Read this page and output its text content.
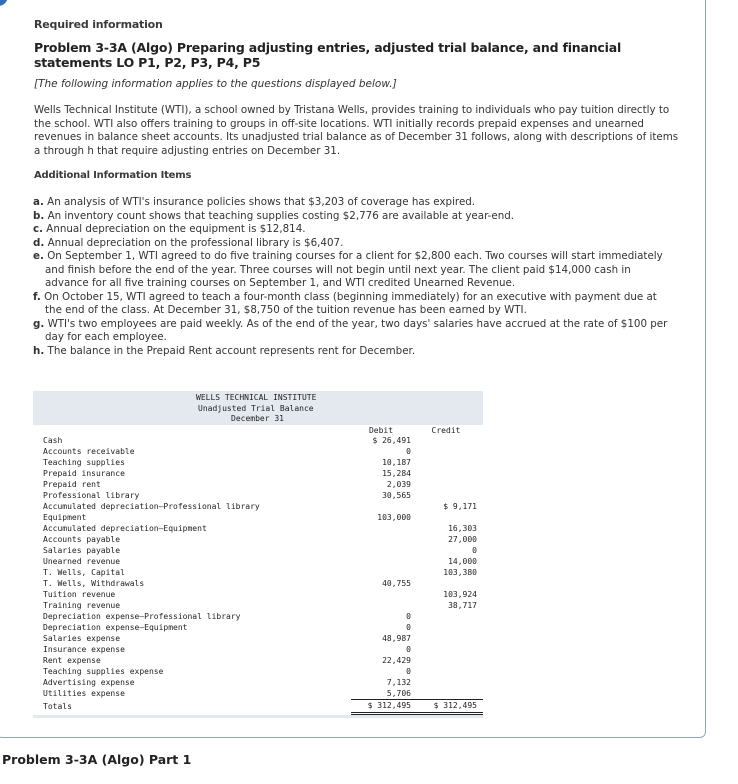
Required information
Problem 3-3A (Algo) Preparing adjusting entries, adjusted trial balance, and financial statements LO P1, P2, P3, P4, P5
[The following information applies to the questions displayed below.]

Wells Technical Institute (WTI), a school owned by Tristana Wells, provides training to individuals who pay tuition directly to the school. WTI also offers training to groups in off-site locations. WTI initially records prepaid expenses and unearned revenues in balance sheet accounts. Its unadjusted trial balance as of December 31 follows, along with descriptions of items a through h that require adjusting entries on December 31.

Additional Information Items
a. An analysis of WTI's insurance policies shows that $3,203 of coverage has expired.
b. An inventory count shows that teaching supplies costing $2,776 are available at year-end.
c. Annual depreciation on the equipment is $12,814.
d. Annual depreciation on the professional library is $6,407.
e. On September 1, WTI agreed to do five training courses for a client for $2,800 each. Two courses will start immediately and finish before the end of the year. Three courses will not begin until next year. The client paid $14,000 cash in advance for all five training courses on September 1, and WTI credited Unearned Revenue.
f. On October 15, WTI agreed to teach a four-month class (beginning immediately) for an executive with payment due at the end of the class. At December 31, $8,750 of the tuition revenue has been earned by WTI.
g. WTI's two employees are paid weekly. As of the end of the year, two days' salaries have accrued at the rate of $100 per day for each employee.
h. The balance in the Prepaid Rent account represents rent for December.
WELLS TECHNICAL INSTITUTE
Unadjusted Trial Balance
December 31
	Debit	Credit
Cash	$ 26,491	
Accounts receivable	0	
Teaching supplies	10,187	
Prepaid insurance	15,284	
Prepaid rent	2,039	
Professional library	30,565	
Accumulated depreciation—Professional library		$ 9,171
Equipment	103,000	
Accumulated depreciation—Equipment		16,303
Accounts payable		27,000
Salaries payable		0
Unearned revenue		14,000
T. Wells, Capital		103,380
T. Wells, Withdrawals	40,755	
Tuition revenue		103,924
Training revenue		38,717
Depreciation expense—Professional library	0	
Depreciation expense—Equipment	0	
Salaries expense	48,987	
Insurance expense	0	
Rent expense	22,429	
Teaching supplies expense	0	
Advertising expense	7,132	
Utilities expense	5,706	
Totals	$ 312,495	$ 312,495
Problem 3-3A (Algo) Part 1
